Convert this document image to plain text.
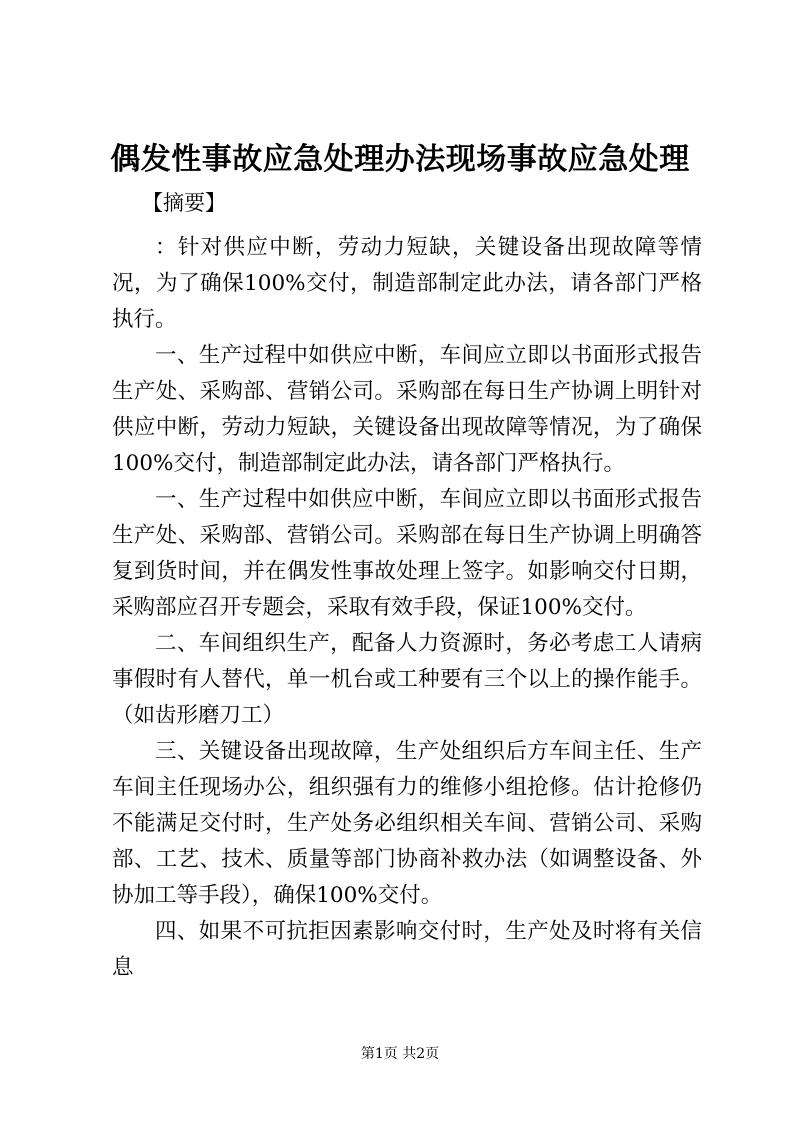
偶发性事故应急处理办法现场事故应急处理
【摘要】

：针对供应中断，劳动力短缺，关键设备出现故障等情况，为了确保100%交付，制造部制定此办法，请各部门严格执行。

一、生产过程中如供应中断，车间应立即以书面形式报告生产处、采购部、营销公司。采购部在每日生产协调上明针对供应中断，劳动力短缺，关键设备出现故障等情况，为了确保100%交付，制造部制定此办法，请各部门严格执行。

一、生产过程中如供应中断，车间应立即以书面形式报告生产处、采购部、营销公司。采购部在每日生产协调上明确答复到货时间，并在偶发性事故处理上签字。如影响交付日期，采购部应召开专题会，采取有效手段，保证100%交付。

二、车间组织生产，配备人力资源时，务必考虑工人请病事假时有人替代，单一机台或工种要有三个以上的操作能手。（如齿形磨刀工）

三、关键设备出现故障，生产处组织后方车间主任、生产车间主任现场办公，组织强有力的维修小组抢修。估计抢修仍不能满足交付时，生产处务必组织相关车间、营销公司、采购部、工艺、技术、质量等部门协商补救办法（如调整设备、外协加工等手段），确保100%交付。

四、如果不可抗拒因素影响交付时，生产处及时将有关信息

第1页 共2页
